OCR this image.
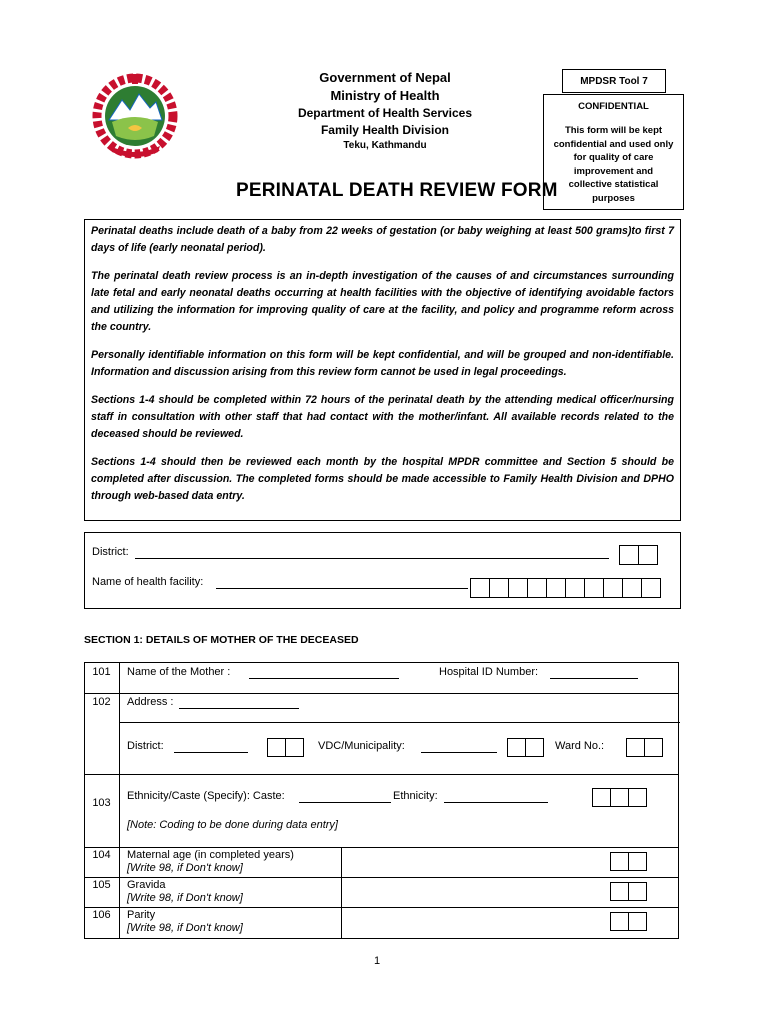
Government of Nepal
Ministry of Health
Department of Health Services
Family Health Division
Teku, Kathmandu
MPDSR Tool 7
CONFIDENTIAL
This form will be kept confidential and used only for quality of care improvement and collective statistical purposes
PERINATAL DEATH REVIEW FORM

Perinatal deaths include death of a baby from 22 weeks of gestation (or baby weighing at least 500 grams)to first 7 days of life (early neonatal period).

The perinatal death review process is an in-depth investigation of the causes of and circumstances surrounding late fetal and early neonatal deaths occurring at health facilities with the objective of identifying avoidable factors and utilizing the information for improving quality of care at the facility, and policy and programme reform across the country.

Personally identifiable information on this form will be kept confidential, and will be grouped and non-identifiable. Information and discussion arising from this review form cannot be used in legal proceedings.

Sections 1-4 should be completed within 72 hours of the perinatal death by the attending medical officer/nursing staff in consultation with other staff that had contact with the mother/infant. All available records related to the deceased should be reviewed.

Sections 1-4 should then be reviewed each month by the hospital MPDR committee and Section 5 should be completed after discussion. The completed forms should be made accessible to Family Health Division and DPHO through web-based data entry.

District:
Name of health facility:
SECTION 1: DETAILS OF MOTHER OF THE DECEASED
101	Name of the Mother :	Hospital ID Number:
102	Address :
District:	VDC/Municipality:	Ward No.:
103
Ethnicity/Caste (Specify): Caste:	Ethnicity:
[Note: Coding to be done during data entry]
104	Maternal age (in completed years)
[Write 98, if Don't know]
105	Gravida
[Write 98, if Don't know]
106	Parity
[Write 98, if Don't know]
1
